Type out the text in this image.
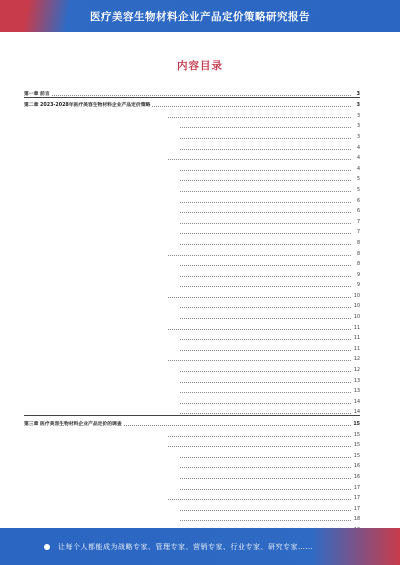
医疗美容生物材料企业产品定价策略研究报告
内容目录
第一章 前言	3
第二章 2023-2028年医疗美容生物材料企业产品定价策略	3
3
3
3
4
4
4
5
5
6
6
7
7
8
8
8
9
9
10
10
10
11
11
11
12
12
13
13
14
14
第三章 医疗美容生物材料企业产品定价的调查	15
15
15
15
16
16
17
17
17
18
让每个人都能成为战略专家、管理专家、营销专家、行业专家、研究专家……
